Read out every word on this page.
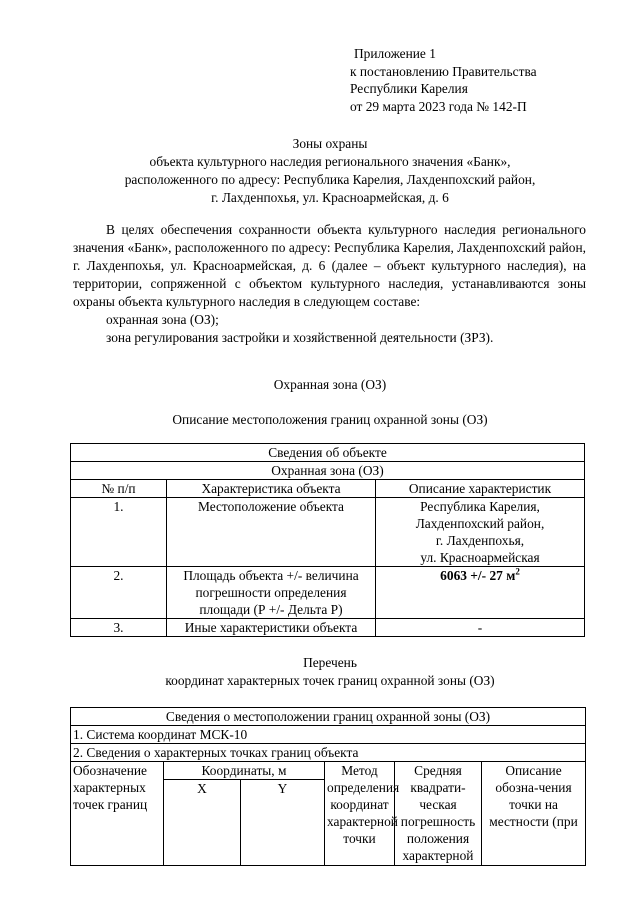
Приложение 1
к постановлению Правительства
Республики Карелия
от 29 марта 2023 года № 142-П
Зоны охраны
объекта культурного наследия регионального значения «Банк»,
расположенного по адресу: Республика Карелия, Лахденпохский район,
г. Лахденпохья, ул. Красноармейская, д. 6
В целях обеспечения сохранности объекта культурного наследия регионального значения «Банк», расположенного по адресу: Республика Карелия, Лахденпохский район, г. Лахденпохья, ул. Красноармейская, д. 6 (далее – объект культурного наследия), на территории, сопряженной с объектом культурного наследия, устанавливаются зоны охраны объекта культурного наследия в следующем составе:
охранная зона (ОЗ);
зона регулирования застройки и хозяйственной деятельности (ЗРЗ).
Охранная зона (ОЗ)
Описание местоположения границ охранной зоны (ОЗ)
Сведения об объекте		
Охранная зона (ОЗ)		
№ п/п	Характеристика объекта	Описание характеристик
1.	Местоположение объекта	Республика Карелия,
Лахденпохский район,
г. Лахденпохья,
ул. Красноармейская

2.	Площадь объекта +/- величина погрешности определения площади (Р +/- Дельта Р)	6063 +/- 27 $м^2$
3.	Иные характеристики объекта	-
Перечень
координат характерных точек границ охранной зоны (ОЗ)
Сведения о местоположении границ охранной зоны (ОЗ)					
1. Система координат МСК-10					
2. Сведения о характерных точках границ объекта					
Обозначение характерных точек границ	Координаты, м		Метод определения координат характерной точки	Средняя квадрати-ческая погрешность положения характерной	Описание обозна-чения точки на местности (при
	X	Y			
